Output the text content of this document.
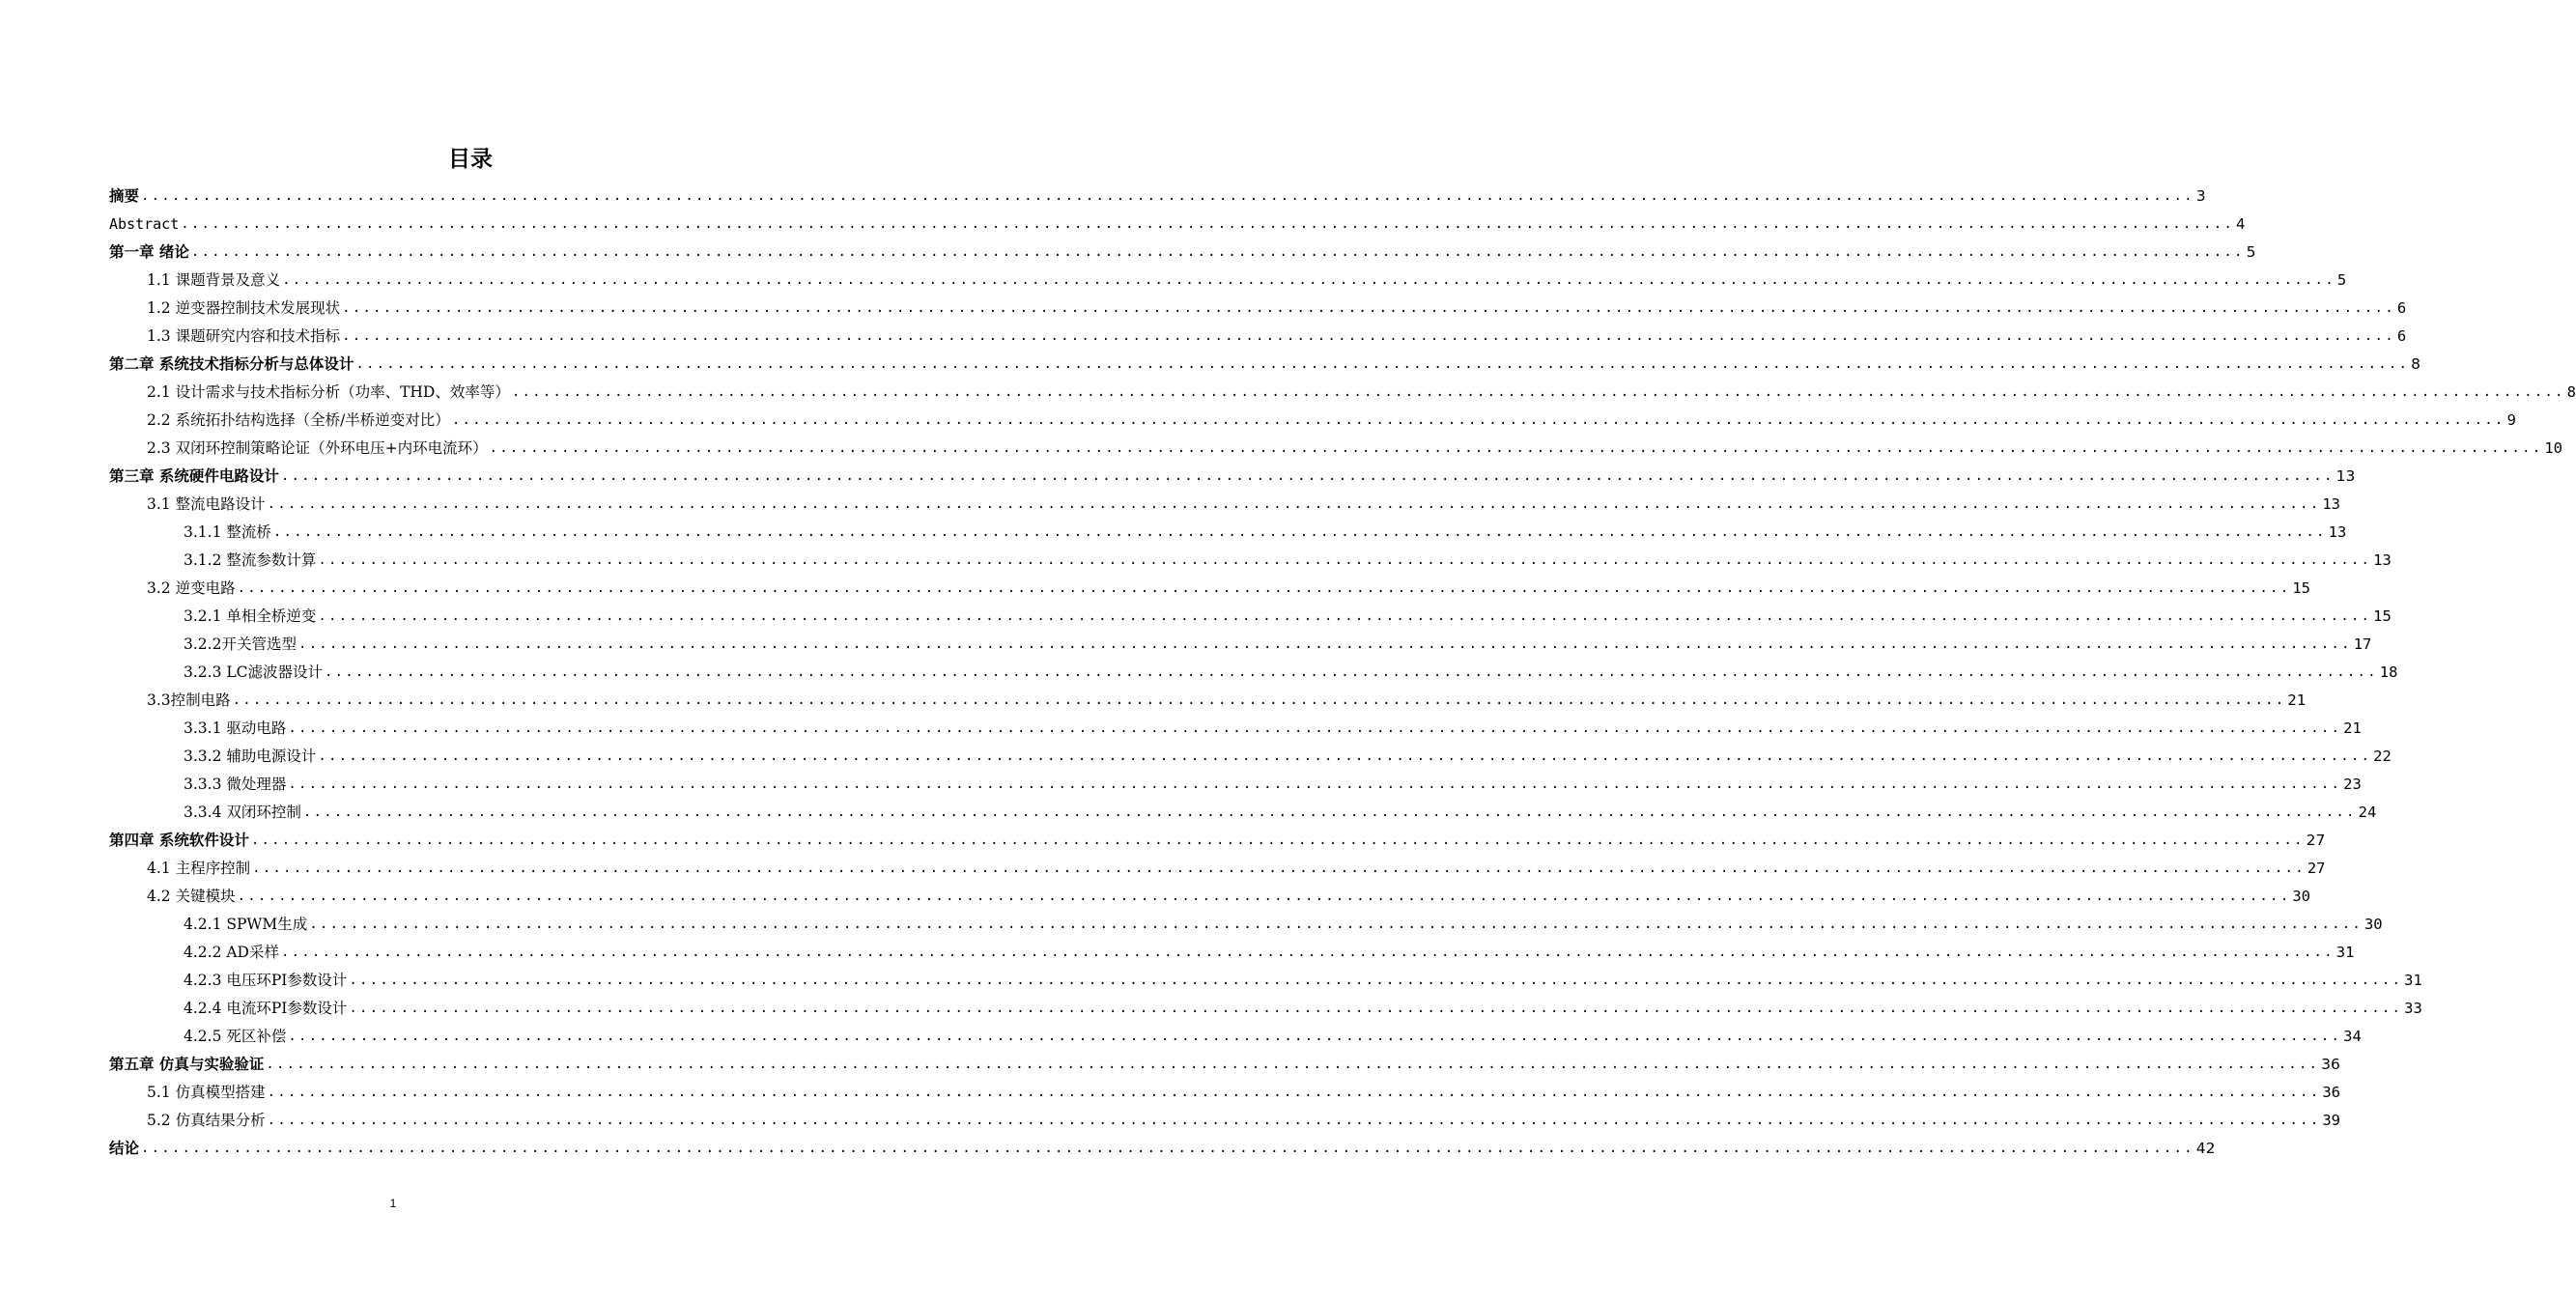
目录
摘要 ........................................................................................................................................................................................................ 3
Abstract ........................................................................................................................................................................................................ 4
第一章 绪论 ........................................................................................................................................................................................................ 5
1.1 课题背景及意义 ........................................................................................................................................................................................................ 5
1.2 逆变器控制技术发展现状 ........................................................................................................................................................................................................ 6
1.3 课题研究内容和技术指标 ........................................................................................................................................................................................................ 6
第二章 系统技术指标分析与总体设计 ........................................................................................................................................................................................................ 8
2.1 设计需求与技术指标分析（功率、THD、效率等） ........................................................................................................................................................................................................ 8
2.2 系统拓扑结构选择（全桥/半桥逆变对比） ........................................................................................................................................................................................................ 9
2.3 双闭环控制策略论证（外环电压+内环电流环） ........................................................................................................................................................................................................ 10
第三章 系统硬件电路设计 ........................................................................................................................................................................................................ 13
3.1 整流电路设计 ........................................................................................................................................................................................................ 13
3.1.1 整流桥 ........................................................................................................................................................................................................ 13
3.1.2 整流参数计算 ........................................................................................................................................................................................................ 13
3.2 逆变电路 ........................................................................................................................................................................................................ 15
3.2.1 单相全桥逆变 ........................................................................................................................................................................................................ 15
3.2.2开关管选型 ........................................................................................................................................................................................................ 17
3.2.3 LC滤波器设计 ........................................................................................................................................................................................................ 18
3.3控制电路 ........................................................................................................................................................................................................ 21
3.3.1 驱动电路 ........................................................................................................................................................................................................ 21
3.3.2 辅助电源设计 ........................................................................................................................................................................................................ 22
3.3.3 微处理器 ........................................................................................................................................................................................................ 23
3.3.4 双闭环控制 ........................................................................................................................................................................................................ 24
第四章 系统软件设计 ........................................................................................................................................................................................................ 27
4.1 主程序控制 ........................................................................................................................................................................................................ 27
4.2 关键模块 ........................................................................................................................................................................................................ 30
4.2.1 SPWM生成 ........................................................................................................................................................................................................ 30
4.2.2 AD采样 ........................................................................................................................................................................................................ 31
4.2.3 电压环PI参数设计 ........................................................................................................................................................................................................ 31
4.2.4 电流环PI参数设计 ........................................................................................................................................................................................................ 33
4.2.5 死区补偿 ........................................................................................................................................................................................................ 34
第五章 仿真与实验验证 ........................................................................................................................................................................................................ 36
5.1 仿真模型搭建 ........................................................................................................................................................................................................ 36
5.2 仿真结果分析 ........................................................................................................................................................................................................ 39
结论 ........................................................................................................................................................................................................ 42
1
